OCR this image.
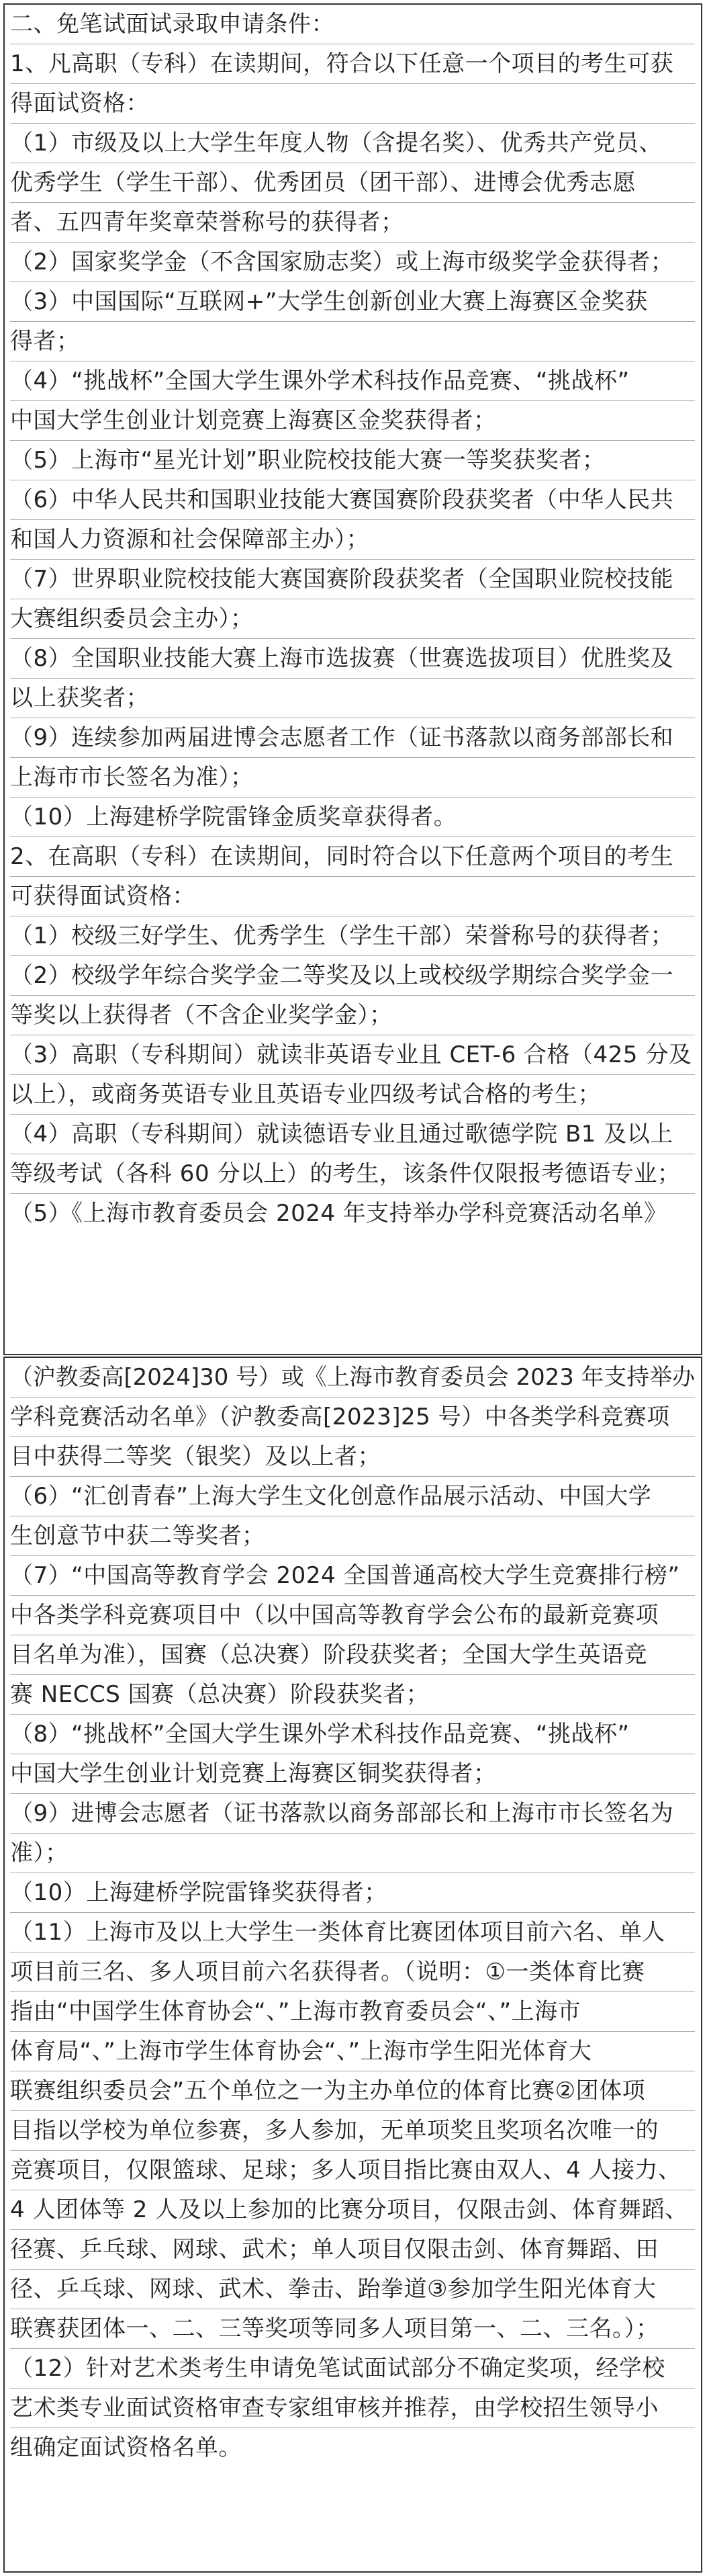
二、免笔试面试录取申请条件：
1、凡高职（专科）在读期间，符合以下任意一个项目的考生可获
得面试资格：
（1）市级及以上大学生年度人物（含提名奖）、优秀共产党员、
优秀学生（学生干部）、优秀团员（团干部）、进博会优秀志愿
者、五四青年奖章荣誉称号的获得者；
（2）国家奖学金（不含国家励志奖）或上海市级奖学金获得者；
（3）中国国际“互联网+”大学生创新创业大赛上海赛区金奖获
得者；
（4）“挑战杯”全国大学生课外学术科技作品竞赛、“挑战杯”
中国大学生创业计划竞赛上海赛区金奖获得者；
（5）上海市“星光计划”职业院校技能大赛一等奖获奖者；
（6）中华人民共和国职业技能大赛国赛阶段获奖者（中华人民共
和国人力资源和社会保障部主办）；
（7）世界职业院校技能大赛国赛阶段获奖者（全国职业院校技能
大赛组织委员会主办）；
（8）全国职业技能大赛上海市选拔赛（世赛选拔项目）优胜奖及
以上获奖者；
（9）连续参加两届进博会志愿者工作（证书落款以商务部部长和
上海市市长签名为准）；
（10）上海建桥学院雷锋金质奖章获得者。
2、在高职（专科）在读期间，同时符合以下任意两个项目的考生
可获得面试资格：
（1）校级三好学生、优秀学生（学生干部）荣誉称号的获得者；
（2）校级学年综合奖学金二等奖及以上或校级学期综合奖学金一
等奖以上获得者（不含企业奖学金）；
（3）高职（专科期间）就读非英语专业且 CET-6 合格（425 分及
以上），或商务英语专业且英语专业四级考试合格的考生；
（4）高职（专科期间）就读德语专业且通过歌德学院 B1 及以上
等级考试（各科 60 分以上）的考生，该条件仅限报考德语专业；
（5）《上海市教育委员会 2024 年支持举办学科竞赛活动名单》
（沪教委高[2024]30 号）或《上海市教育委员会 2023 年支持举办
学科竞赛活动名单》（沪教委高[2023]25 号）中各类学科竞赛项
目中获得二等奖（银奖）及以上者；
（6）“汇创青春”上海大学生文化创意作品展示活动、中国大学
生创意节中获二等奖者；
（7）“中国高等教育学会 2024 全国普通高校大学生竞赛排行榜”
中各类学科竞赛项目中（以中国高等教育学会公布的最新竞赛项
目名单为准），国赛（总决赛）阶段获奖者；全国大学生英语竞
赛 NECCS 国赛（总决赛）阶段获奖者；
（8）“挑战杯”全国大学生课外学术科技作品竞赛、“挑战杯”
中国大学生创业计划竞赛上海赛区铜奖获得者；
（9）进博会志愿者（证书落款以商务部部长和上海市市长签名为
准）；
（10）上海建桥学院雷锋奖获得者；
（11）上海市及以上大学生一类体育比赛团体项目前六名、单人
项目前三名、多人项目前六名获得者。（说明：①一类体育比赛
指由“中国学生体育协会“、”上海市教育委员会“、”上海市
体育局“、”上海市学生体育协会“、”上海市学生阳光体育大
联赛组织委员会”五个单位之一为主办单位的体育比赛②团体项
目指以学校为单位参赛，多人参加，无单项奖且奖项名次唯一的
竞赛项目，仅限篮球、足球；多人项目指比赛由双人、4 人接力、
4 人团体等 2 人及以上参加的比赛分项目，仅限击剑、体育舞蹈、
径赛、乒乓球、网球、武术；单人项目仅限击剑、体育舞蹈、田
径、乒乓球、网球、武术、拳击、跆拳道③参加学生阳光体育大
联赛获团体一、二、三等奖项等同多人项目第一、二、三名。）；
（12）针对艺术类考生申请免笔试面试部分不确定奖项，经学校
艺术类专业面试资格审查专家组审核并推荐，由学校招生领导小
组确定面试资格名单。
